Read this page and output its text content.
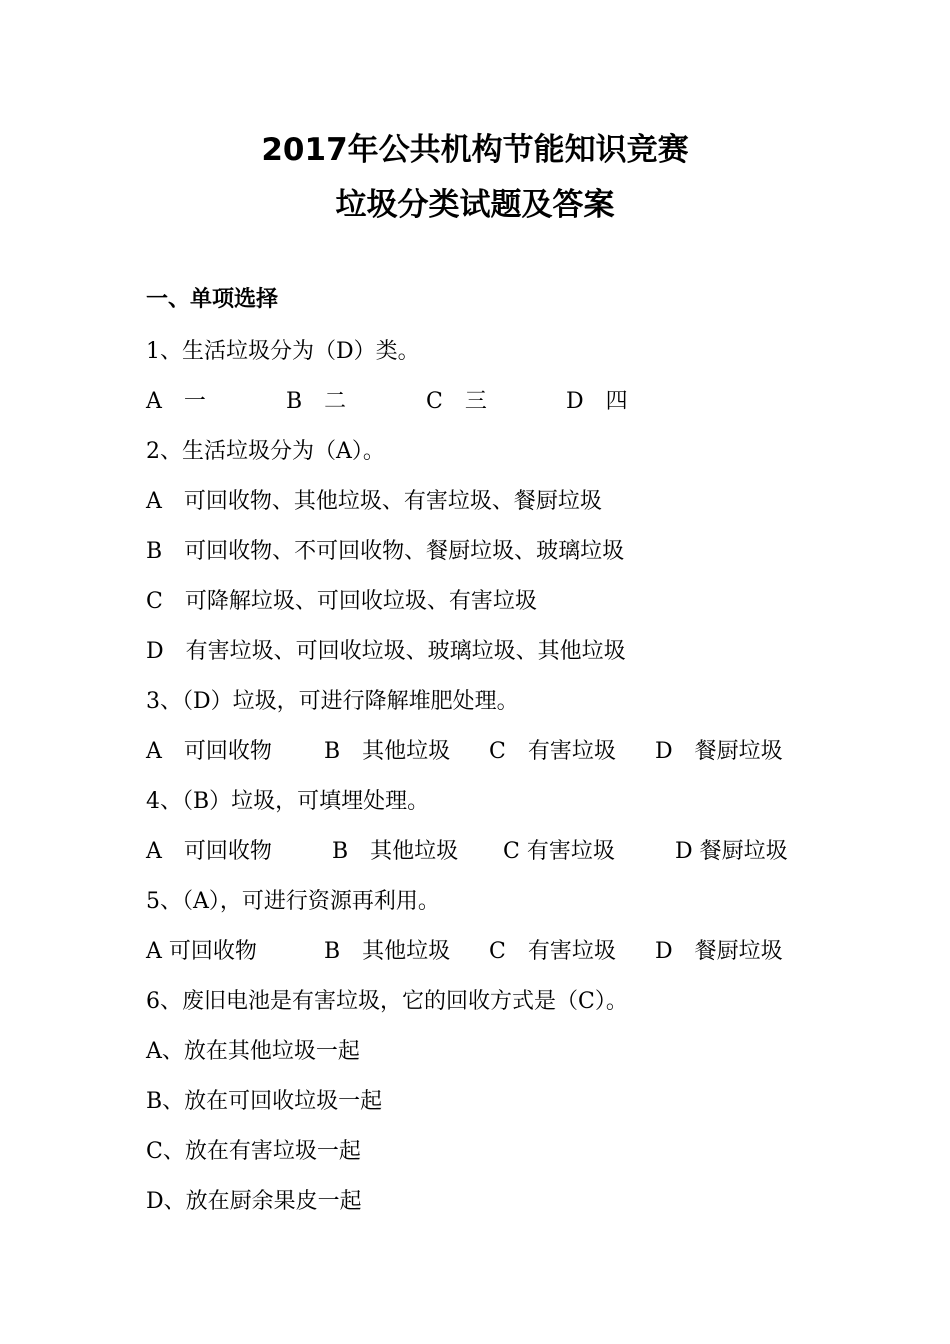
2017年公共机构节能知识竞赛
垃圾分类试题及答案
一、单项选择
1、生活垃圾分为（D）类。
A　一	B　二	C　三	D　四
2、生活垃圾分为（A）。
A　可回收物、其他垃圾、有害垃圾、餐厨垃圾
B　可回收物、不可回收物、餐厨垃圾、玻璃垃圾
C　可降解垃圾、可回收垃圾、有害垃圾
D　有害垃圾、可回收垃圾、玻璃垃圾、其他垃圾
3、（D）垃圾，可进行降解堆肥处理。
A　可回收物 B　其他垃圾 C　有害垃圾 D　餐厨垃圾
4、（B）垃圾，可填埋处理。
A　可回收物	B　其他垃圾 C 有害垃圾	D 餐厨垃圾
5、（A），可进行资源再利用。
A 可回收物	B　其他垃圾 C　有害垃圾 D　餐厨垃圾
6、废旧电池是有害垃圾，它的回收方式是（C）。
A、放在其他垃圾一起
B、放在可回收垃圾一起
C、放在有害垃圾一起
D、放在厨余果皮一起
